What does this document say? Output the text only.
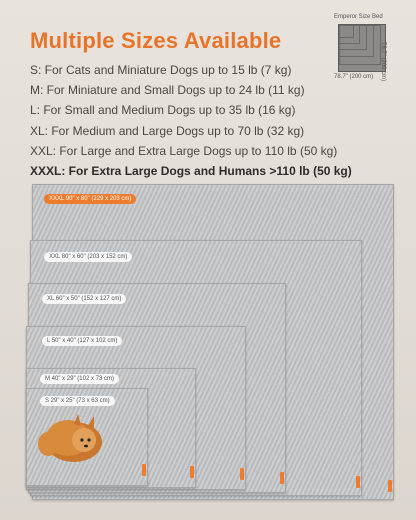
Multiple Sizes Available
S: For Cats and Miniature Dogs up to 15 lb (7 kg)
M: For Miniature and Small Dogs up to 24 lb (11 kg)
L: For Small and Medium Dogs up to 35 lb (16 kg)
XL: For Medium and Large Dogs up to 70 lb (32 kg)
XXL: For Large and Extra Large Dogs up to 110 lb (50 kg)
XXXL: For Extra Large Dogs and Humans >110 lb (50 kg)
Emperor Size Bed
78.7" (200 cm) 78.7" (200 cm)
XXXL 90" x 80" (229 x 203 cm)
XXL 80" x 60" (203 x 152 cm)
XL 60" x 50" (152 x 127 cm)
L 50" x 40" (127 x 102 cm)
M 40" x 29" (102 x 73 cm)
S 29" x 25" (73 x 63 cm)
